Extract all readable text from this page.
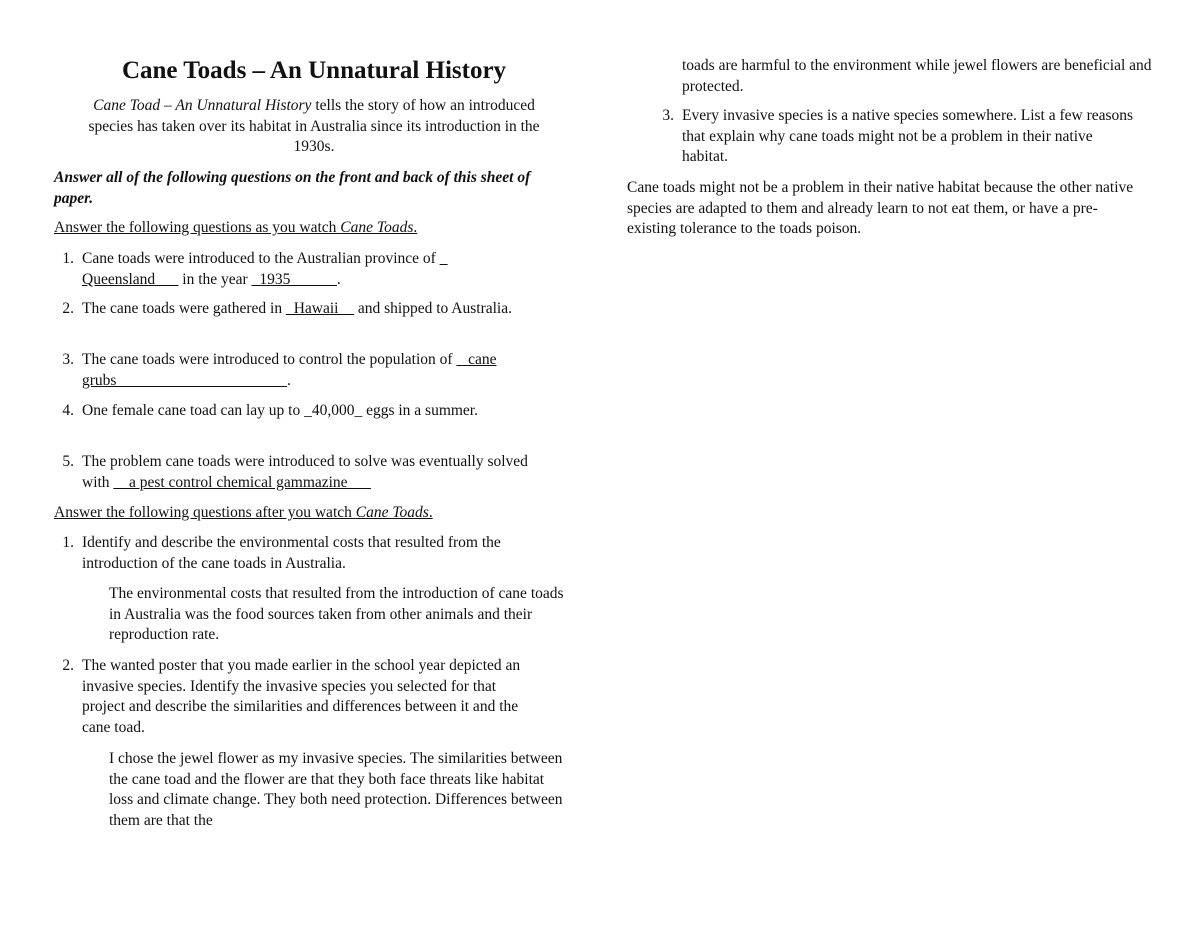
Cane Toads – An Unnatural History

Cane Toad – An Unnatural History tells the story of how an introduced species has taken over its habitat in Australia since its introduction in the 1930s.

Answer all of the following questions on the front and back of this sheet of paper.

Answer the following questions as you watch Cane Toads.

1. Cane toads were introduced to the Australian province of _ Queensland___ in the year _1935______.

2. The cane toads were gathered in _Hawaii__ and shipped to Australia.

3. The cane toads were introduced to control the population of _ cane grubs______________________.

4. One female cane toad can lay up to _40,000_ eggs in a summer.

5. The problem cane toads were introduced to solve was eventually solved with __a pest control chemical gammazine___

Answer the following questions after you watch Cane Toads.

1. Identify and describe the environmental costs that resulted from the introduction of the cane toads in Australia.

The environmental costs that resulted from the introduction of cane toads in Australia was the food sources taken from other animals and their reproduction rate.

2. The wanted poster that you made earlier in the school year depicted an invasive species. Identify the invasive species you selected for that project and describe the similarities and differences between it and the cane toad.

I chose the jewel flower as my invasive species. The similarities between the cane toad and the flower are that they both face threats like habitat loss and climate change. They both need protection. Differences between them are that the

toads are harmful to the environment while jewel flowers are beneficial and protected.

3. Every invasive species is a native species somewhere. List a few reasons that explain why cane toads might not be a problem in their native habitat.

Cane toads might not be a problem in their native habitat because the other native species are adapted to them and already learn to not eat them, or have a pre-existing tolerance to the toads poison.
